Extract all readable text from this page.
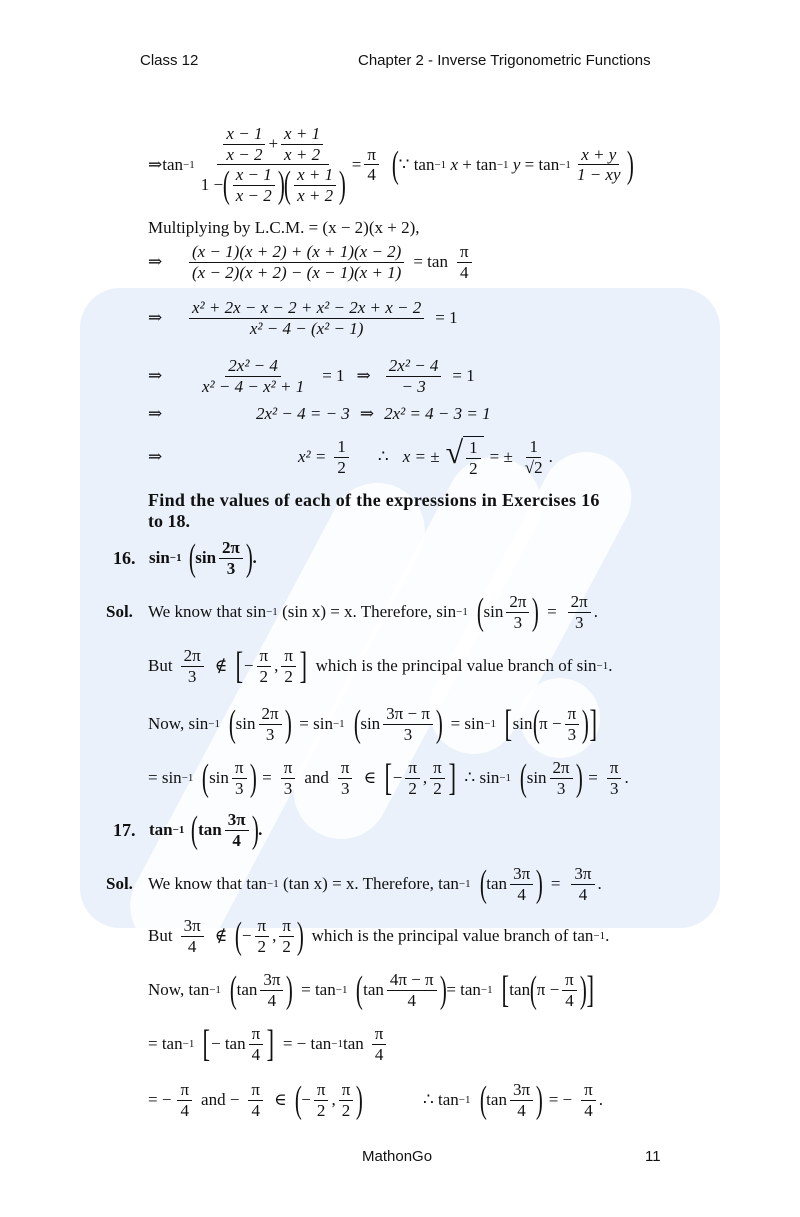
Class 12	Chapter 2 - Inverse Trigonometric Functions
⇒tan $-1 \frac{\frac{x - 1}{x - 2} + \frac{x + 1}{x + 2}}{1 - ( \frac{x - 1}{x - 2} ) ( \frac{x + 1}{x + 2} )} = \frac{\pi}{4}$ ( ∵
tan −1
x
+ tan −1
y
= $\tan -1 \frac{x + y}{1 - xy}$ )
Multiplying by L.C.M. = (x − 2)(x + 2),
⇒	$\frac{(x - 1)(x + 2) + (x + 1)(x - 2)}{(x - 2)(x + 2) - (x - 1)(x + 1)} = \tan \frac{\pi}{4}$
⇒	$\frac{\text{x² + 2x − x − 2 + x² − 2x + x − 2}}{\text{x² − 4 − (x² − 1)}} = 1$
⇒	$\frac{\text{2x² − 4}}{\text{x² − 4 − x² + 1}} = 1$ ⇒ $\frac{\text{2x² − 4}}{- 3} = 1$
⇒	2x² − 4 = − 3 ⇒ 2x² = 4 − 3 = 1
⇒	$x^2 = \frac{1}{2}$ ∴ x = ± √ $\frac{1}{2}$ = ± $\frac{1}{√2}$ .
Find the values of each of the expressions in Exercises 16
to 18.
16. sin −1 ( $\sin \frac{2\pi}{3}$ ) .
Sol. We know that sin −1
(sin x) = x. Therefore, sin −1 ( $\sin \frac{2\pi}{3}$ ) = $\frac{2\pi}{3}$ .
But $\frac{2\pi}{3}$ ∉ [ − $\frac{\pi}{2}$ , $\frac{\pi}{2}$ ] which is the principal value branch of sin −1 .
Now, sin −1 ( $\sin \frac{2\pi}{3}$ ) = sin −1 ( $\sin \frac{3\pi - \pi}{3}$ ) = sin −1 [ sin ( $\pi - \frac{\pi}{3}$ ) ]
= sin −1 ( $\sin \frac{\pi}{3}$ ) = $\frac{\pi}{3}$ and $\frac{\pi}{3}$ ∈ [ − $\frac{\pi}{2}$ , $\frac{\pi}{2}$ ] ∴ sin −1 ( $\sin \frac{2\pi}{3}$ ) = $\frac{\pi}{3}$ .
17. tan −1 ( $\tan \frac{3\pi}{4}$ ) .
Sol. We know that tan −1
(tan x) = x. Therefore, tan −1 ( $\tan \frac{3\pi}{4}$ ) = $\frac{3\pi}{4}$ .
But $\frac{3\pi}{4}$ ∉ ( − $\frac{\pi}{2}$ , $\frac{\pi}{2}$ ) which is the principal value branch of tan −1 .
Now, tan −1 ( $\tan \frac{3\pi}{4}$ ) = tan −1 ( $\tan \frac{4\pi - \pi}{4}$ ) = tan −1 [ tan ( $\pi - \frac{\pi}{4}$ ) ]
= tan −1 [ − $\tan \frac{\pi}{4}$ ] = − tan −1 $\tan \frac{\pi}{4}$
= − $\frac{\pi}{4}$ and − $\frac{\pi}{4}$ ∈ ( − $\frac{\pi}{2}$ , $\frac{\pi}{2}$ )	∴ tan −1 ( $\tan \frac{3\pi}{4}$ ) = − $\frac{\pi}{4}$ .
MathonGo	11
